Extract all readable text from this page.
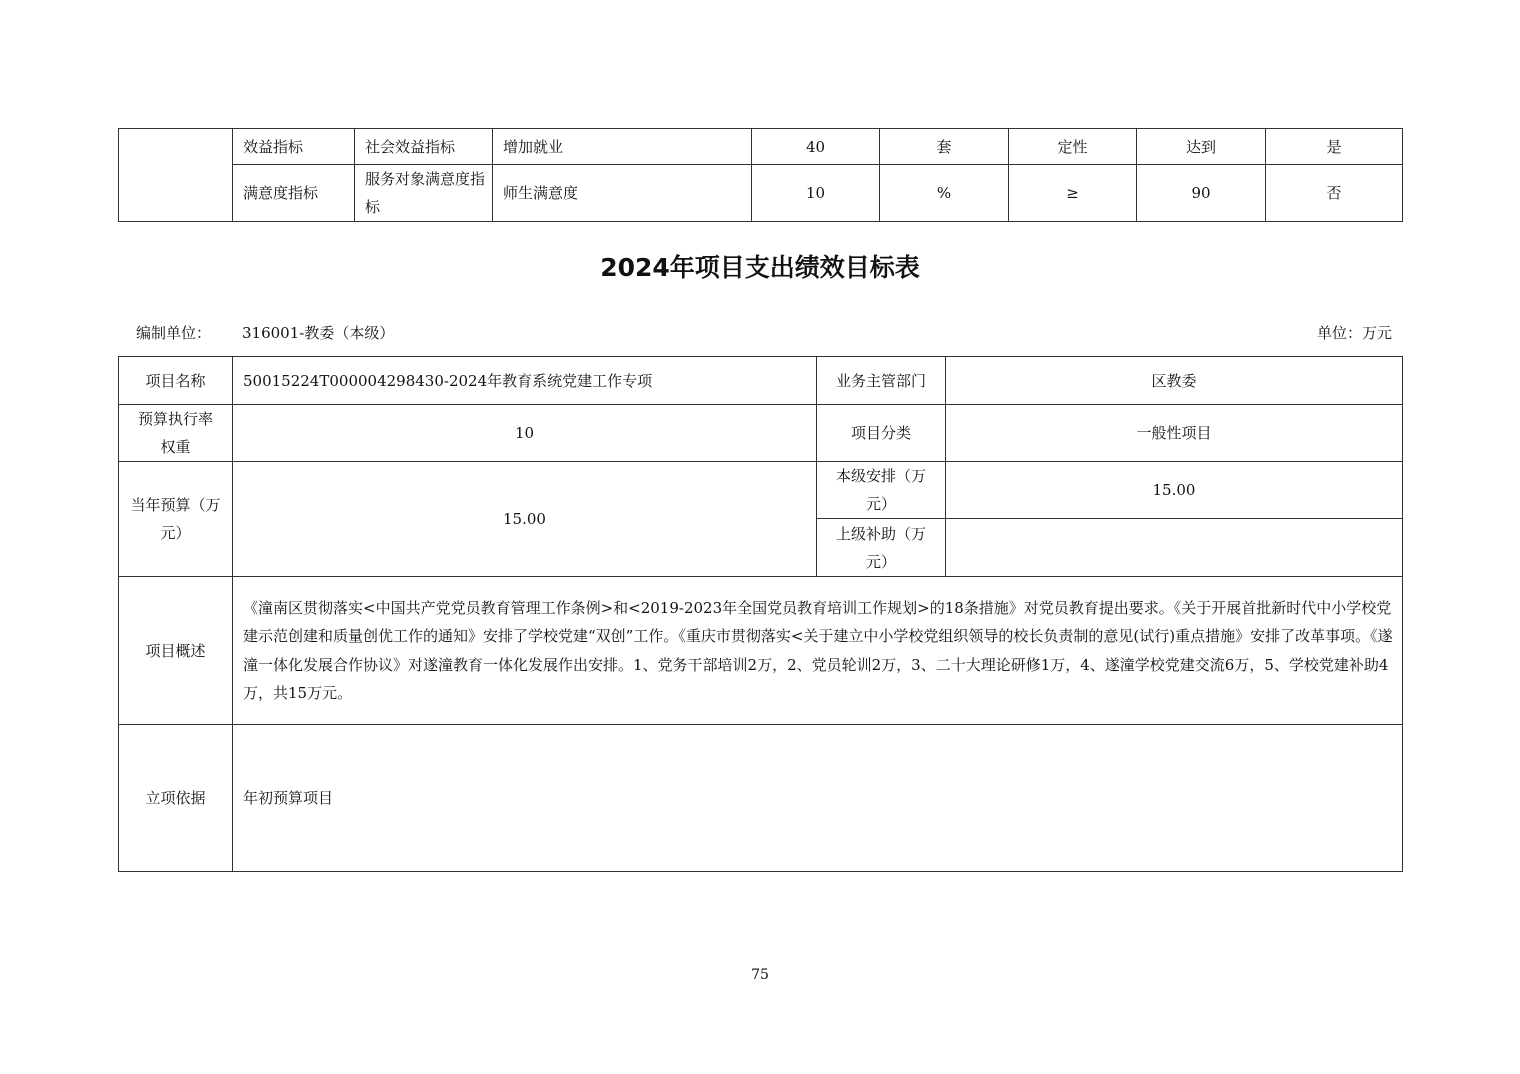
	效益指标	社会效益指标	增加就业	40	套	定性	达到	是
	满意度指标	服务对象满意度指标	师生满意度	10	%	≥	90	否
2024年项目支出绩效目标表
编制单位： 316001-教委（本级）	单位：万元
项目名称	50015224T000004298430-2024年教育系统党建工作专项	业务主管部门	区教委
预算执行率权重	10	项目分类	一般性项目
当年预算（万元）	15.00	本级安排（万元）	15.00
		上级补助（万元）	
项目概述	《潼南区贯彻落实<中国共产党党员教育管理工作条例>和<2019-2023年全国党员教育培训工作规划>的18条措施》对党员教育提出要求。《关于开展首批新时代中小学校党建示范创建和质量创优工作的通知》安排了学校党建“双创”工作。《重庆市贯彻落实<关于建立中小学校党组织领导的校长负责制的意见(试行)重点措施》安排了改革事项。《遂潼一体化发展合作协议》对遂潼教育一体化发展作出安排。1、党务干部培训2万，2、党员轮训2万，3、二十大理论研修1万，4、遂潼学校党建交流6万，5、学校党建补助4万，共15万元。		
立项依据	年初预算项目		
75
